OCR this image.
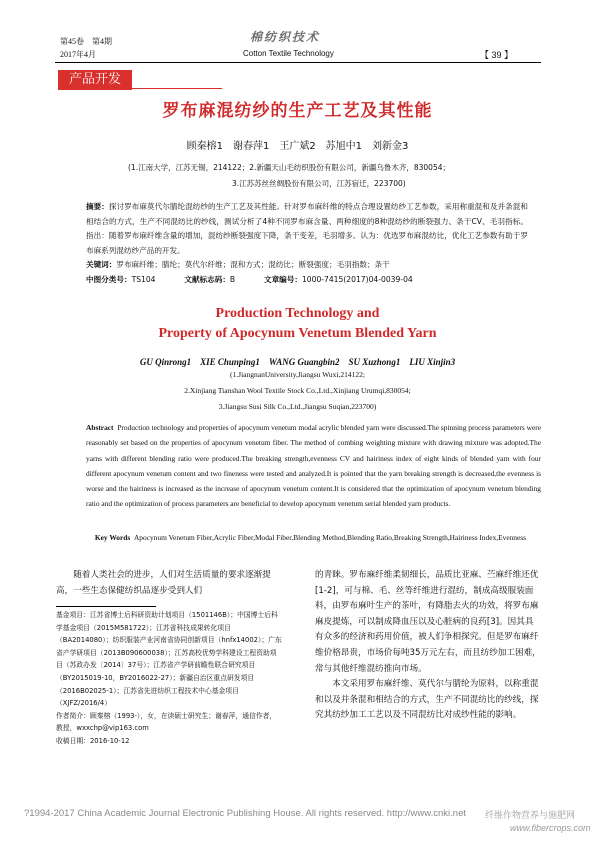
第45卷　第4期
2017年4月
棉纺织技术
Cotton Textile Technology	【 39 】
产品开发
罗布麻混纺纱的生产工艺及其性能
顾秦榕1　谢春萍1　王广斌2　苏旭中1　刘新金3
(1.江南大学，江苏无锡，214122；2.新疆天山毛纺织股份有限公司，新疆乌鲁木齐，830054；
3.江苏苏丝丝绸股份有限公司，江苏宿迁，223700)

摘要：探讨罗布麻莫代尔腈纶混纺纱的生产工艺及其性能。针对罗布麻纤维的特点合理设置纺纱工艺参数，采用称重混和及并条混和相结合的方式，生产不同混纺比的纱线，测试分析了4种不同罗布麻含量、两种细度的8种混纺纱的断裂强力、条干CV、毛羽指标。指出：随着罗布麻纤维含量的增加，混纺纱断裂强度下降，条干变差，毛羽增多。认为：优选罗布麻混纺比，优化工艺参数有助于罗布麻系列混纺纱产品的开发。

关键词：罗布麻纤维；腈纶；莫代尔纤维；混和方式；混纺比；断裂强度；毛羽指数；条干

中图分类号：TS104	文献标志码：B	文章编号：1000-7415(2017)04-0039-04

Production Technology and
Property of Apocynum Venetum Blended Yarn
GU Qinrong1　XIE Chunping1　WANG Guangbin2　SU Xuzhong1　LIU Xinjin3
(1.JiangnanUniversity,Jiangsu Wuxi,214122;
2.Xinjiang Tianshan Wool Textile Stock Co.,Ltd.,Xinjiang Urumqi,830054;
3.Jiangsu Susi Silk Co.,Ltd.,Jiangsu Suqian,223700)

Abstract Production technology and properties of apocynum venetum modal acrylic blended yarn were discussed.The spinning process parameters were reasonably set based on the properties of apocynum venetum fiber. The method of combing weighting mixture with drawing mixture was adopted.The yarns with different blending ratio were produced.The breaking strength,evenness CV and hairiness index of eight kinds of blended yarn with four different apocynum venetum content and two fineness were tested and analyzed.It is pointed that the yarn breaking strength is decreased,the evenness is worse and the hairiness is increased as the increase of apocynum venetum content.It is considered that the optimization of apocynum venetum blending ratio and the optimization of process parameters are beneficial to develop apocynum venetum serial blended yarn products.

Key Words Apocynum Venetum Fiber,Acrylic Fiber,Modal Fiber,Blending Method,Blending Ratio,Breaking Strength,Hairiness Index,Evenness

随着人类社会的进步，人们对生活质量的要求逐渐提高，一些生态保健纺织品逐步受到人们

基金项目：江苏省博士后科研资助计划项目（1501146B）；中国博士后科学基金项目（2015M581722）；江苏省科技成果转化项目（BA2014080）；纺织服装产业河南省协同创新项目（hnfx14002）；广东省产学研项目（2013B090600038）；江苏高校优势学科建设工程资助项目（苏政办发〔2014〕37号）；江苏省产学研前瞻性联合研究项目（BY2015019-10，BY2016022-27）；新疆自治区重点研发项目（2016B02025-1）；江苏省先进纺织工程技术中心基金项目（XJFZ/2016/4）

作者简介：顾秦榕（1993-），女，在读硕士研究生；谢春萍，通信作者，教授，wxxchp@vip163.com

收稿日期：2016-10-12

的青睐。罗布麻纤维柔韧细长，品质比亚麻、苎麻纤维还优[1-2]，可与棉、毛、丝等纤维进行混纺，制成高级服装面料，由罗布麻叶生产的茶叶，有降脂去火的功效，将罗布麻麻皮提炼，可以制成降血压以及心脏病的良药[3]。因其具有众多的经济和药用价值，被人们争相探究。但是罗布麻纤维价格昂贵，市场价每吨35万元左右，而且纺纱加工困难，常与其他纤维混纺推向市场。

本文采用罗布麻纤维、莫代尔与腈纶为原料，以称重混和以及并条混和相结合的方式，生产不同混纺比的纱线，探究其纺纱加工工艺以及不同混纺比对成纱性能的影响。

?1994-2017 China Academic Journal Electronic Publishing House. All rights reserved. http://www.cnki.net 纤维作物营养与施肥网
www.fibercrops.com
